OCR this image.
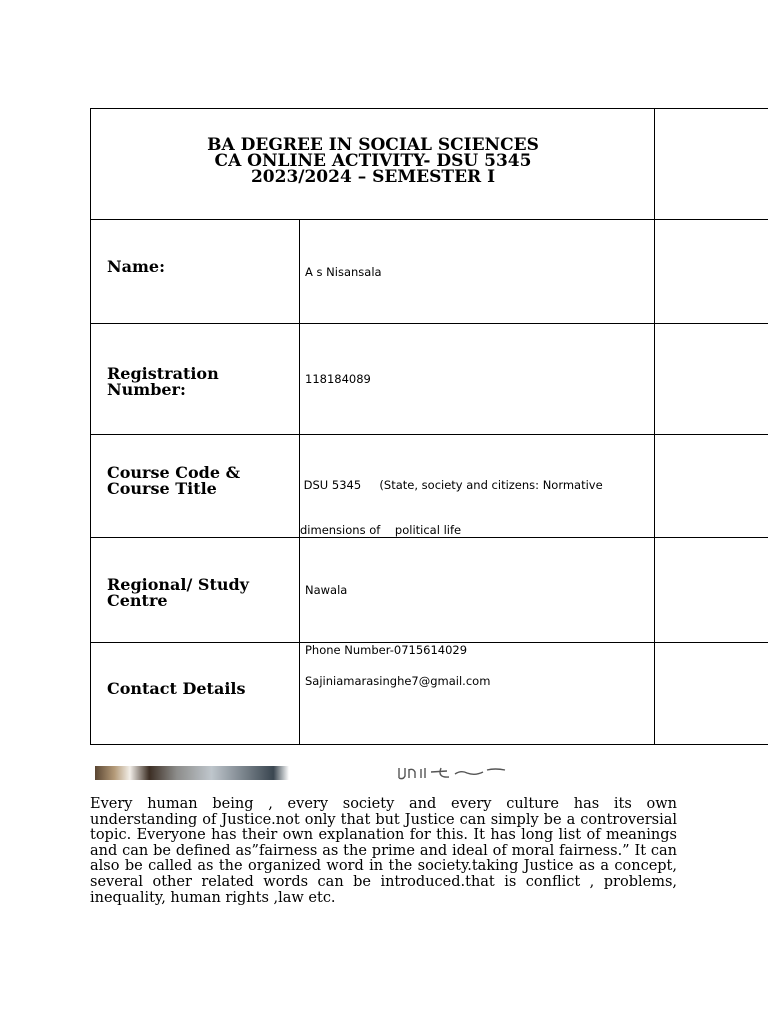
BA DEGREE IN SOCIAL SCIENCES
CA ONLINE ACTIVITY- DSU 5345
2023/2024 – SEMESTER I
Name:	A s Nisansala
Registration Number:
118184089
Course Code & Course Title

	DSU 5345     (State, society and citizens: Normative

dimensions of    political life

Regional/ Study Centre
Nawala
Contact Details
Phone Number-0715614029
Sajiniamarasinghe7@gmail.com
Every human being , every society and every culture has its own understanding of Justice.not only that but Justice can simply be a controversial topic. Everyone has their own explanation for this. It has long list of meanings and can be defined as”fairness as the prime and ideal of moral fairness.” It can also be called as the organized word in the society.taking Justice as a concept, several other related words can be introduced.that is conflict , problems, inequality, human rights ,law etc.
